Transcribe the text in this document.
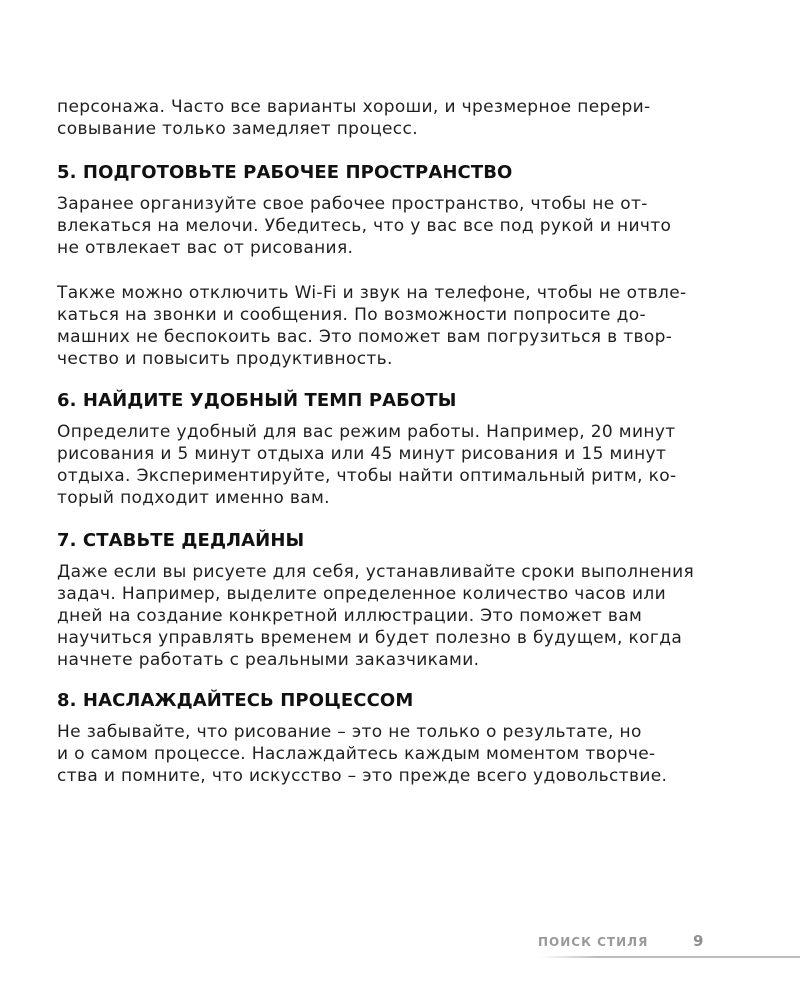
персонажа. Часто все варианты хороши, и чрезмерное перери-
совывание только замедляет процесс.
5. ПОДГОТОВЬТЕ РАБОЧЕЕ ПРОСТРАНСТВО
Заранее организуйте свое рабочее пространство, чтобы не от-
влекаться на мелочи. Убедитесь, что у вас все под рукой и ничто
не отвлекает вас от рисования.
Также можно отключить Wi-Fi и звук на телефоне, чтобы не отвле-
каться на звонки и сообщения. По возможности попросите до-
машних не беспокоить вас. Это поможет вам погрузиться в твор-
чество и повысить продуктивность.
6. НАЙДИТЕ УДОБНЫЙ ТЕМП РАБОТЫ
Определите удобный для вас режим работы. Например, 20 минут
рисования и 5 минут отдыха или 45 минут рисования и 15 минут
отдыха. Экспериментируйте, чтобы найти оптимальный ритм, ко-
торый подходит именно вам.
7. СТАВЬТЕ ДЕДЛАЙНЫ
Даже если вы рисуете для себя, устанавливайте сроки выполнения
задач. Например, выделите определенное количество часов или
дней на создание конкретной иллюстрации. Это поможет вам
научиться управлять временем и будет полезно в будущем, когда
начнете работать с реальными заказчиками.
8. НАСЛАЖДАЙТЕСЬ ПРОЦЕССОМ
Не забывайте, что рисование – это не только о результате, но
и о самом процессе. Наслаждайтесь каждым моментом творче-
ства и помните, что искусство – это прежде всего удовольствие.
ПОИСК СТИЛЯ	9
